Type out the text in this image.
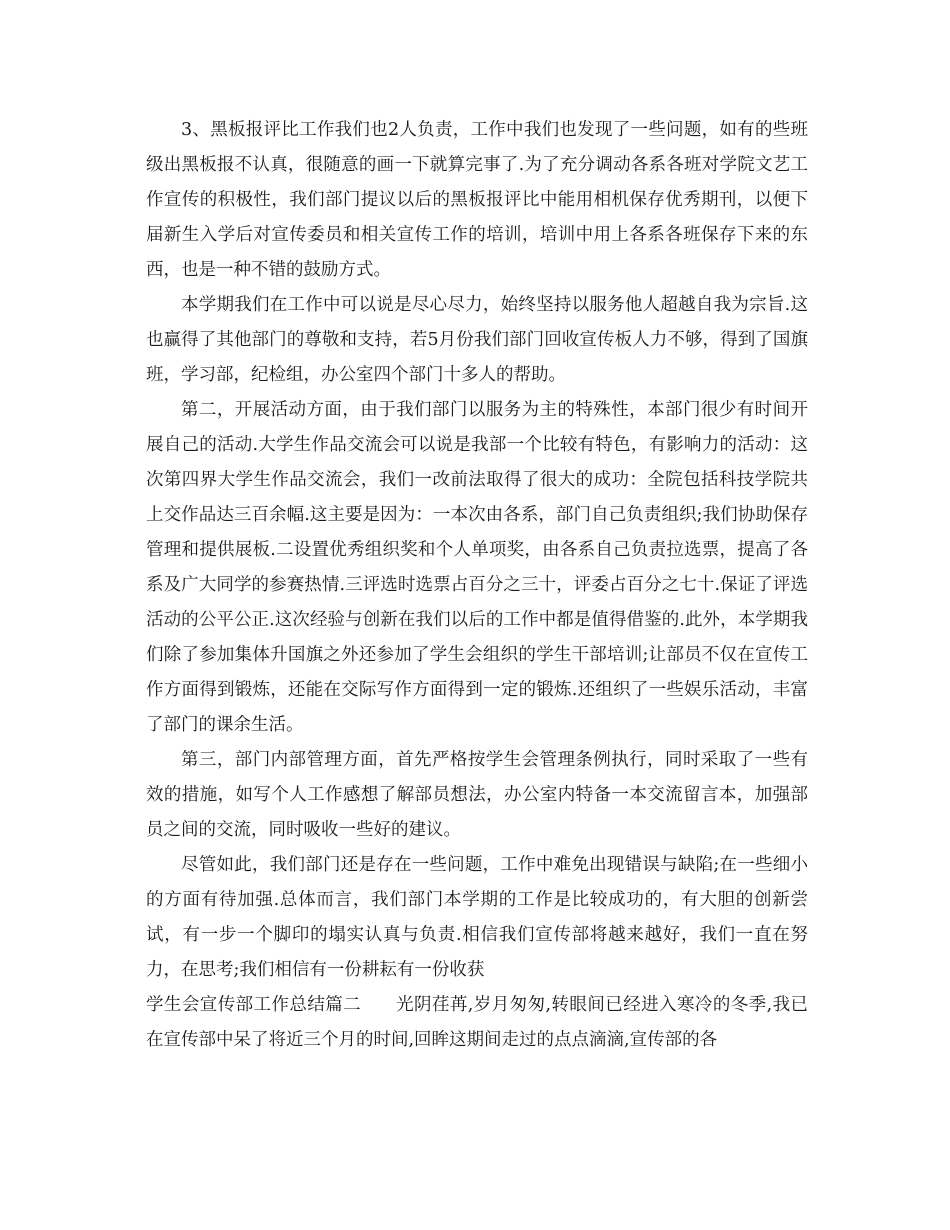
3、黑板报评比工作我们也2人负责，工作中我们也发现了一些问题，如有的些班级出黑板报不认真，很随意的画一下就算完事了.为了充分调动各系各班对学院文艺工作宣传的积极性，我们部门提议以后的黑板报评比中能用相机保存优秀期刊，以便下届新生入学后对宣传委员和相关宣传工作的培训，培训中用上各系各班保存下来的东西，也是一种不错的鼓励方式。

本学期我们在工作中可以说是尽心尽力，始终坚持以服务他人超越自我为宗旨.这也赢得了其他部门的尊敬和支持，若5月份我们部门回收宣传板人力不够，得到了国旗班，学习部，纪检组，办公室四个部门十多人的帮助。

第二，开展活动方面，由于我们部门以服务为主的特殊性，本部门很少有时间开展自己的活动.大学生作品交流会可以说是我部一个比较有特色，有影响力的活动：这次第四界大学生作品交流会，我们一改前法取得了很大的成功：全院包括科技学院共上交作品达三百余幅.这主要是因为：一本次由各系，部门自己负责组织;我们协助保存管理和提供展板.二设置优秀组织奖和个人单项奖，由各系自己负责拉选票，提高了各系及广大同学的参赛热情.三评选时选票占百分之三十，评委占百分之七十.保证了评选活动的公平公正.这次经验与创新在我们以后的工作中都是值得借鉴的.此外，本学期我们除了参加集体升国旗之外还参加了学生会组织的学生干部培训;让部员不仅在宣传工作方面得到锻炼，还能在交际写作方面得到一定的锻炼.还组织了一些娱乐活动，丰富了部门的课余生活。

第三，部门内部管理方面，首先严格按学生会管理条例执行，同时采取了一些有效的措施，如写个人工作感想了解部员想法，办公室内特备一本交流留言本，加强部员之间的交流，同时吸收一些好的建议。

尽管如此，我们部门还是存在一些问题，工作中难免出现错误与缺陷;在一些细小的方面有待加强.总体而言，我们部门本学期的工作是比较成功的，有大胆的创新尝试，有一步一个脚印的塌实认真与负责.相信我们宣传部将越来越好，我们一直在努力，在思考;我们相信有一份耕耘有一份收获

学生会宣传部工作总结篇二 光阴荏苒,岁月匆匆,转眼间已经进入寒冷的冬季,我已在宣传部中呆了将近三个月的时间,回眸这期间走过的点点滴滴,宣传部的各
